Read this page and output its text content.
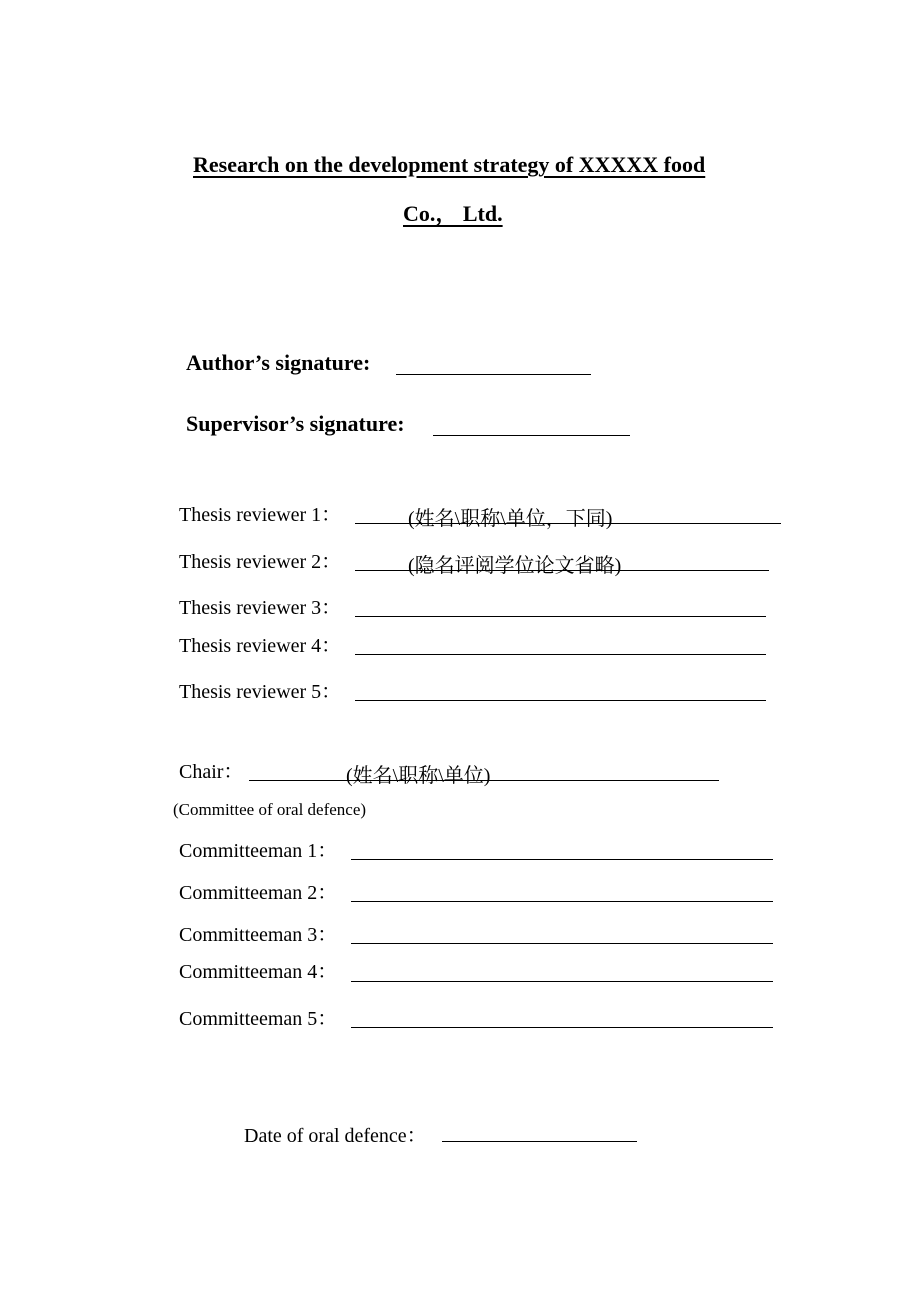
Research on the development strategy of XXXXX food
Co.， Ltd.
Author’s signature:
Supervisor’s signature:
Thesis reviewer 1：	(姓名\职称\单位，下同)
Thesis reviewer 2：	(隐名评阅学位论文省略)
Thesis reviewer 3：
Thesis reviewer 4：
Thesis reviewer 5：
Chair：	(姓名\职称\单位)
(Committee of oral defence)
Committeeman 1：
Committeeman 2：
Committeeman 3：
Committeeman 4：
Committeeman 5：
Date of oral defence：
